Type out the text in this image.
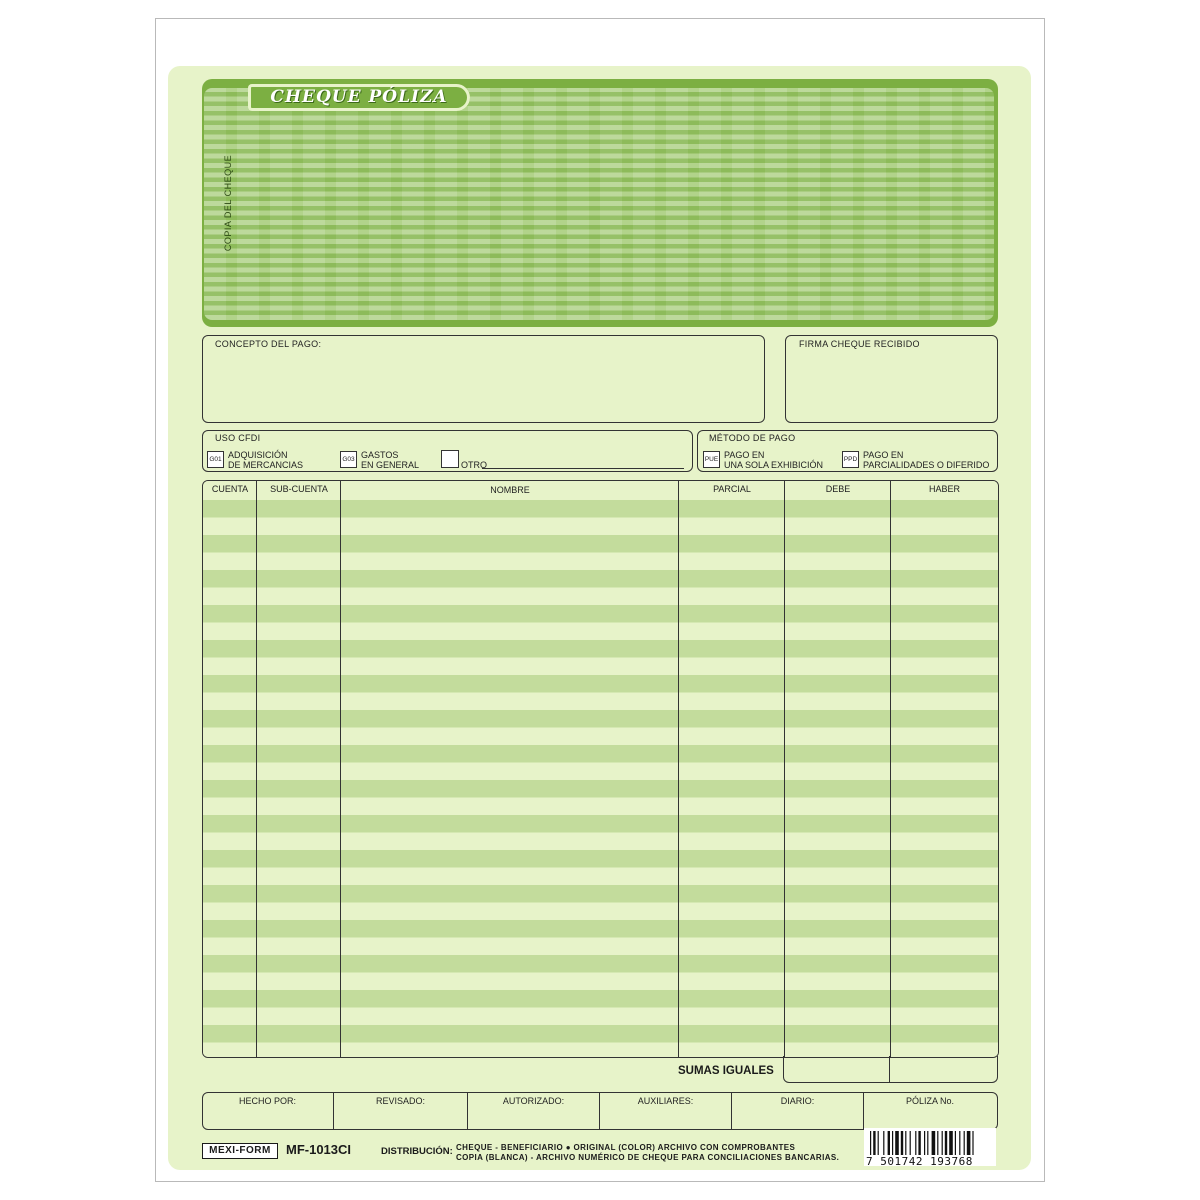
CHEQUE PÓLIZA
COPIA DEL CHEQUE
CONCEPTO DEL PAGO:	FIRMA CHEQUE RECIBIDO
USO CFDI
G01 ADQUISICIÓN
DE MERCANCIAS
G03 GASTOS
EN GENERAL	OTRO
MÉTODO DE PAGO
PUE PAGO EN
UNA SOLA EXHIBICIÓN
PPD PAGO EN
PARCIALIDADES O DIFERIDO
CUENTA	SUB-CUENTA	NOMBRE	PARCIAL	DEBE	HABER
SUMAS IGUALES
HECHO POR:	REVISADO:	AUTORIZADO:	AUXILIARES:	DIARIO:	PÓLIZA No.
MEXI-FORM	MF-1013CI	DISTRIBUCIÓN: CHEQUE - BENEFICIARIO ● ORIGINAL (COLOR) ARCHIVO CON COMPROBANTES
COPIA (BLANCA) - ARCHIVO NUMÉRICO DE CHEQUE PARA CONCILIACIONES BANCARIAS. 7 501742 193768
